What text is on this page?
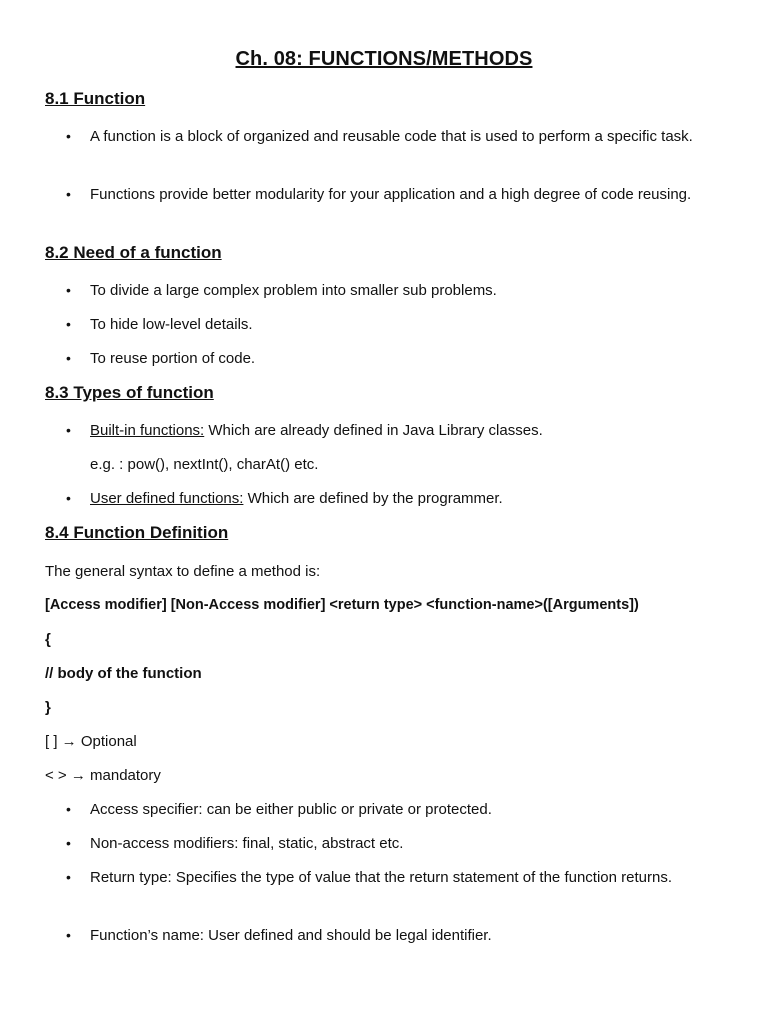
Ch. 08: FUNCTIONS/METHODS
8.1 Function
• A function is a block of organized and reusable code that is used to perform a specific task.
• Functions provide better modularity for your application and a high degree of code reusing.
8.2 Need of a function
• To divide a large complex problem into smaller sub problems.
• To hide low-level details.
• To reuse portion of code.
8.3 Types of function
• Built-in functions: Which are already defined in Java Library classes.
e.g. : pow(), nextInt(), charAt() etc.
• User defined functions: Which are defined by the programmer.
8.4 Function Definition
The general syntax to define a method is:
[Access modifier] [Non-Access modifier] <return type> <function-name>([Arguments])
{
// body of the function
}
[ ] → Optional
< > → mandatory
• Access specifier: can be either public or private or protected.
• Non-access modifiers: final, static, abstract etc.
• Return type: Specifies the type of value that the return statement of the function returns.
• Function’s name: User defined and should be legal identifier.
